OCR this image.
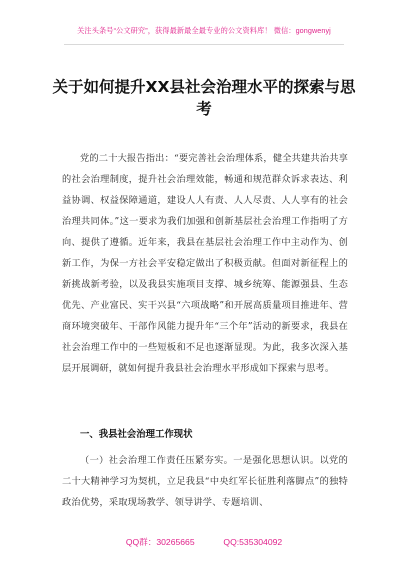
关注头条号“公文研究”，获得最新最全最专业的公文资料库！ 微信：gongwenyj
关于如何提升XX县社会治理水平的探索与思考
党的二十大报告指出：“要完善社会治理体系，健全共建共治共享的社会治理制度，提升社会治理效能，畅通和规范群众诉求表达、利益协调、权益保障通道，建设人人有责、人人尽责、人人享有的社会治理共同体。”这一要求为我们加强和创新基层社会治理工作指明了方向、提供了遵循。近年来，我县在基层社会治理工作中主动作为、创新工作，为保一方社会平安稳定做出了积极贡献。但面对新征程上的新挑战新考验，以及我县实施项目支撑、城乡统筹、能源强县、生态优先、产业富民、实干兴县“六项战略”和开展高质量项目推进年、营商环境突破年、干部作风能力提升年“三个年”活动的新要求，我县在社会治理工作中的一些短板和不足也逐渐显现。为此，我多次深入基层开展调研，就如何提升我县社会治理水平形成如下探索与思考。
一、我县社会治理工作现状
（一）社会治理工作责任压紧夯实。一是强化思想认识。以党的二十大精神学习为契机，立足我县“中央红军长征胜利落脚点”的独特政治优势，采取现场教学、领导讲学、专题培训、
QQ群：30265665	QQ:535304092
